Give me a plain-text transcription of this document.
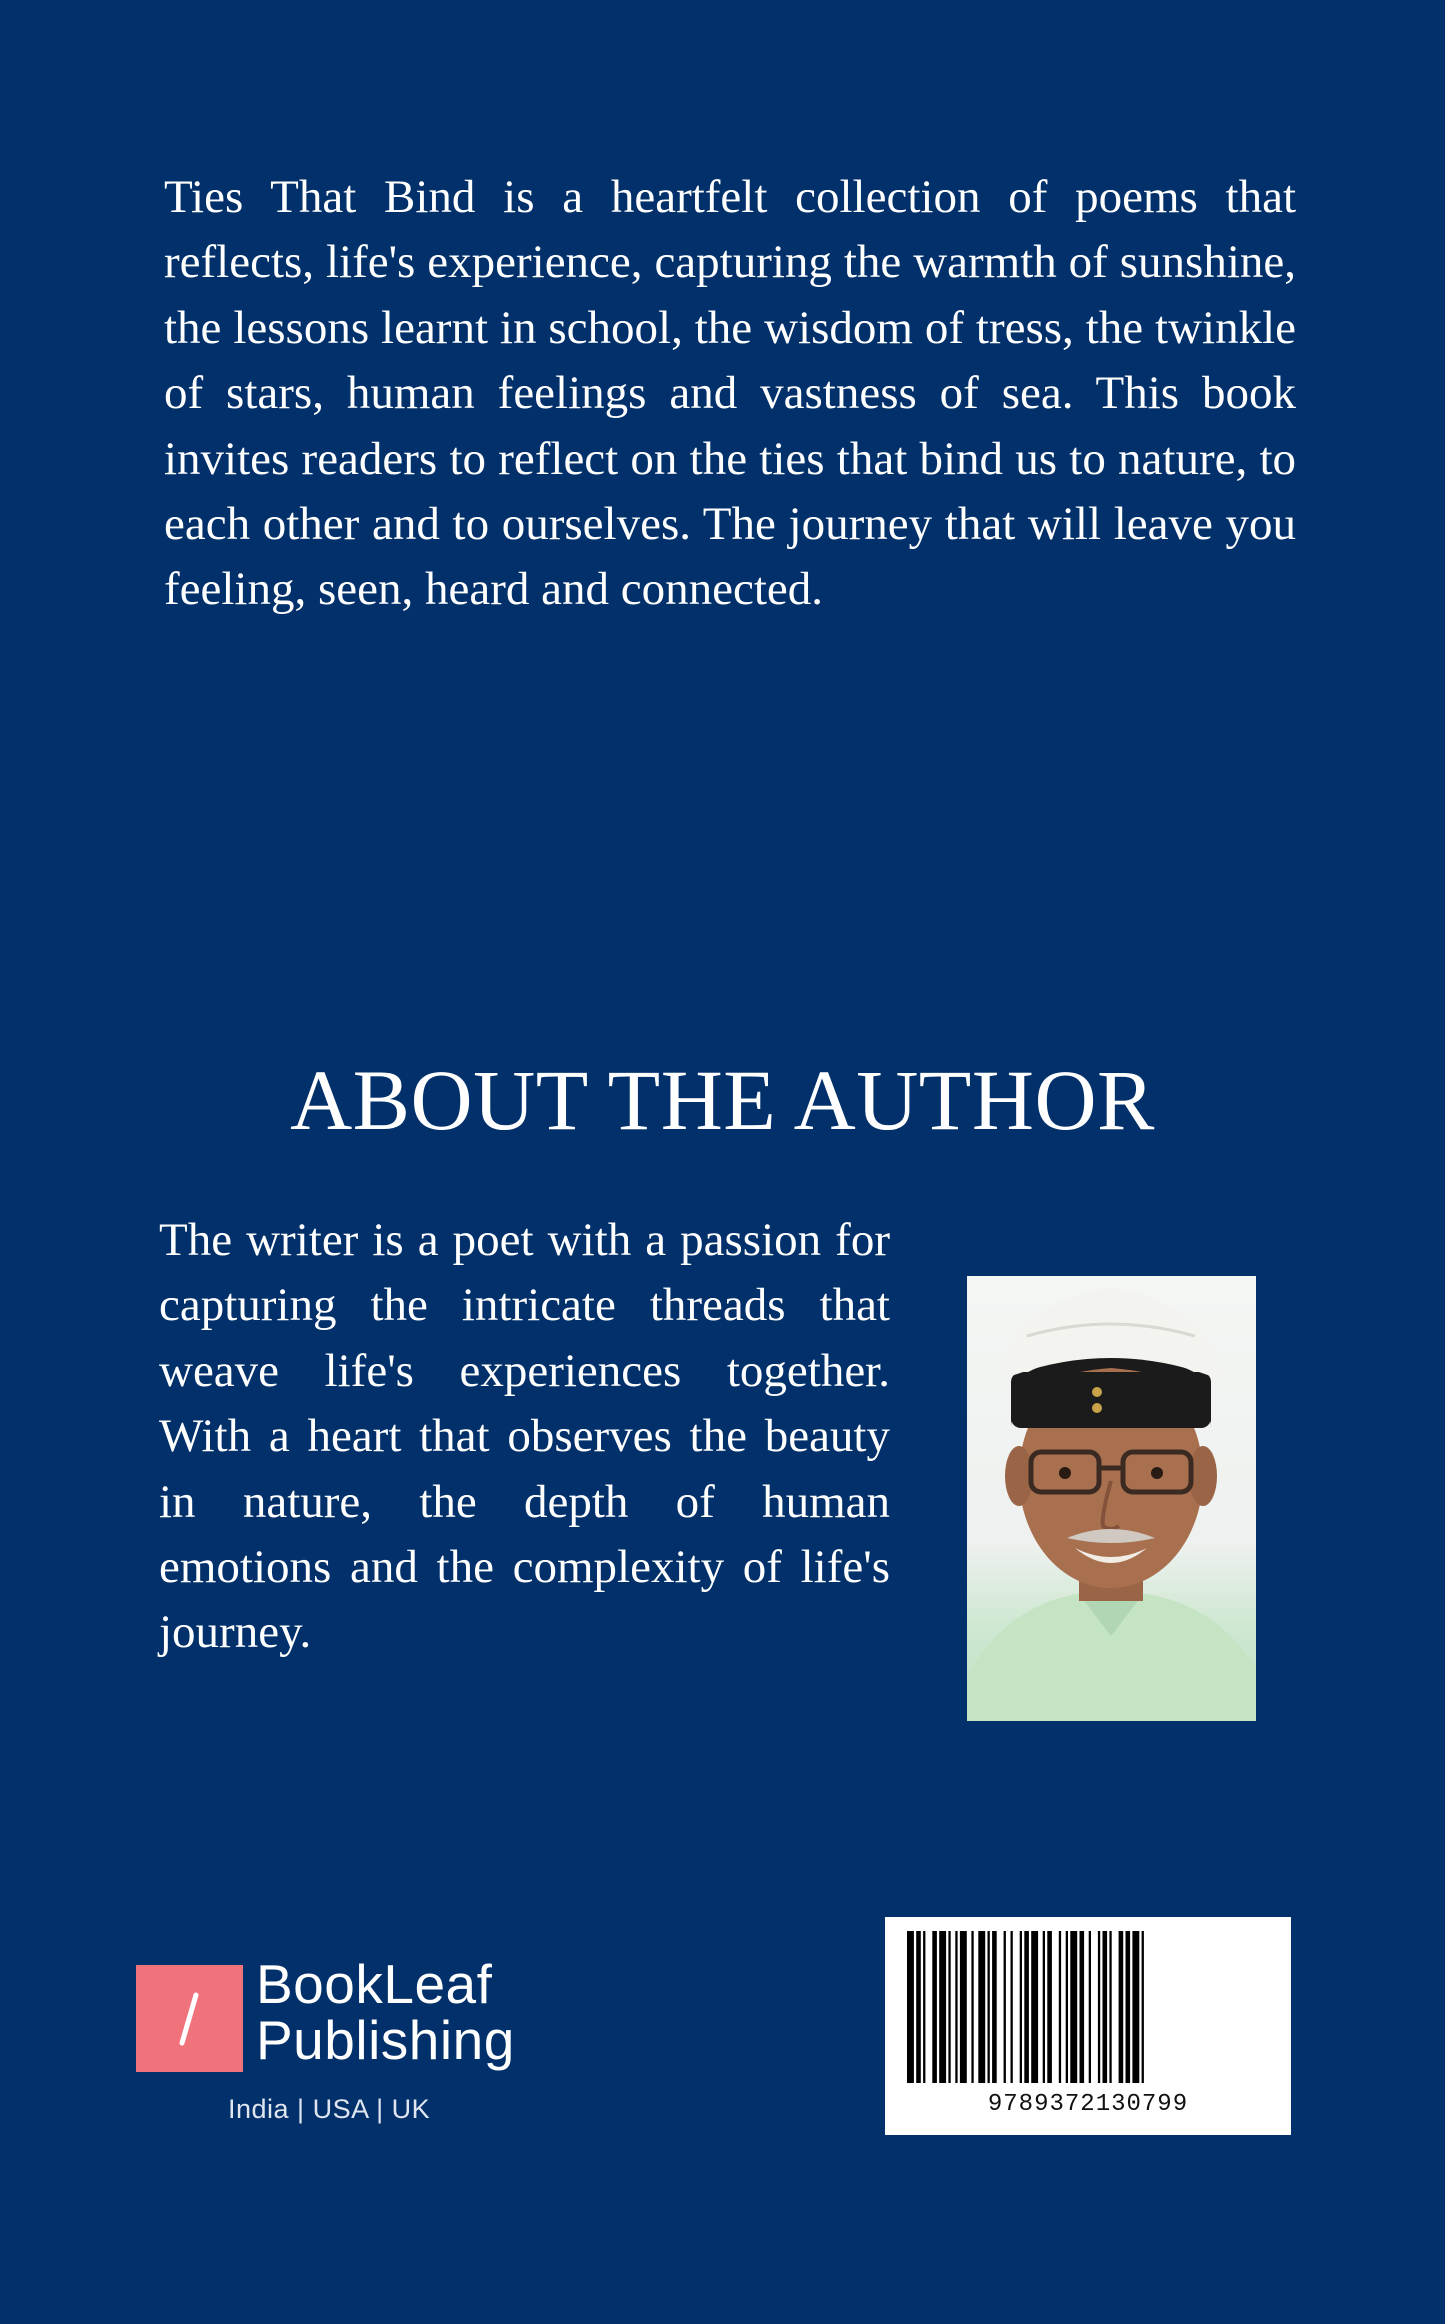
Ties That Bind is a heartfelt collection of poems that reflects, life's experience, capturing the warmth of sunshine, the lessons learnt in school, the wisdom of tress, the twinkle of stars, human feelings and vastness of sea. This book invites readers to reflect on the ties that bind us to nature, to each other and to ourselves. The journey that will leave you feeling, seen, heard and connected.

ABOUT THE AUTHOR

The writer is a poet with a passion for capturing the intricate threads that weave life's experiences together. With a heart that observes the beauty in nature, the depth of human emotions and the complexity of life's journey.

BookLeaf
Publishing
India | USA | UK	9789372130799
